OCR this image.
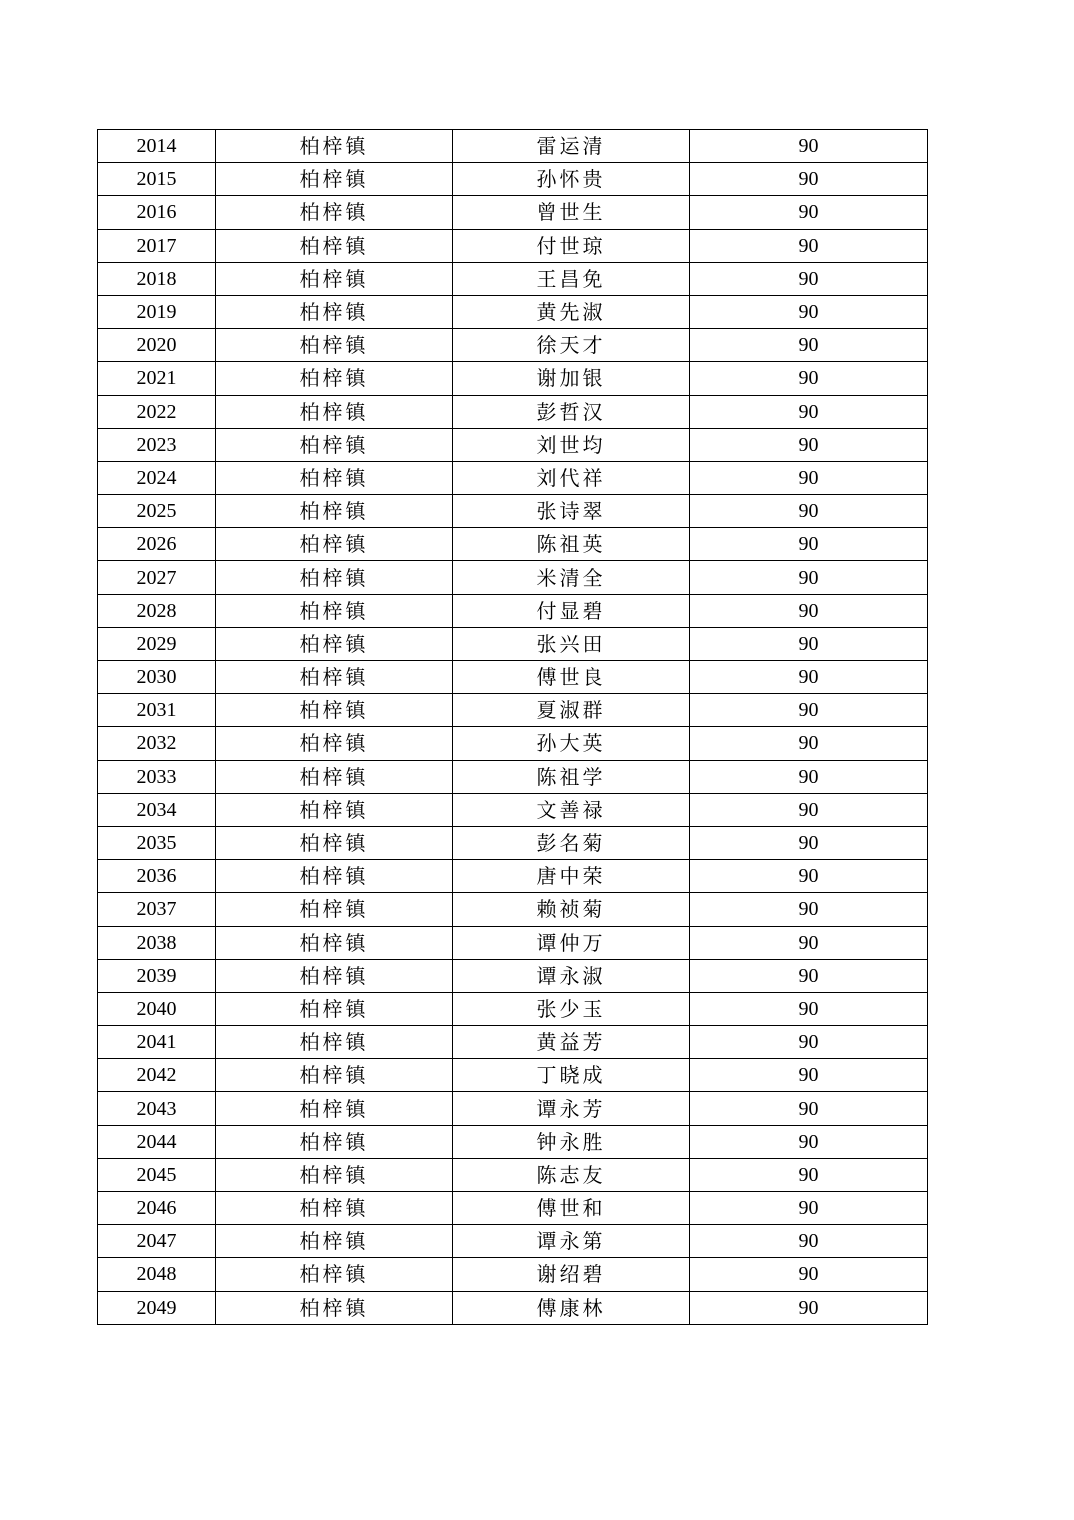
2014	柏梓镇	雷运清	90
2015	柏梓镇	孙怀贵	90
2016	柏梓镇	曾世生	90
2017	柏梓镇	付世琼	90
2018	柏梓镇	王昌免	90
2019	柏梓镇	黄先淑	90
2020	柏梓镇	徐天才	90
2021	柏梓镇	谢加银	90
2022	柏梓镇	彭哲汉	90
2023	柏梓镇	刘世均	90
2024	柏梓镇	刘代祥	90
2025	柏梓镇	张诗翠	90
2026	柏梓镇	陈祖英	90
2027	柏梓镇	米清全	90
2028	柏梓镇	付显碧	90
2029	柏梓镇	张兴田	90
2030	柏梓镇	傅世良	90
2031	柏梓镇	夏淑群	90
2032	柏梓镇	孙大英	90
2033	柏梓镇	陈祖学	90
2034	柏梓镇	文善禄	90
2035	柏梓镇	彭名菊	90
2036	柏梓镇	唐中荣	90
2037	柏梓镇	赖祯菊	90
2038	柏梓镇	谭仲万	90
2039	柏梓镇	谭永淑	90
2040	柏梓镇	张少玉	90
2041	柏梓镇	黄益芳	90
2042	柏梓镇	丁晓成	90
2043	柏梓镇	谭永芳	90
2044	柏梓镇	钟永胜	90
2045	柏梓镇	陈志友	90
2046	柏梓镇	傅世和	90
2047	柏梓镇	谭永第	90
2048	柏梓镇	谢绍碧	90
2049	柏梓镇	傅康林	90
